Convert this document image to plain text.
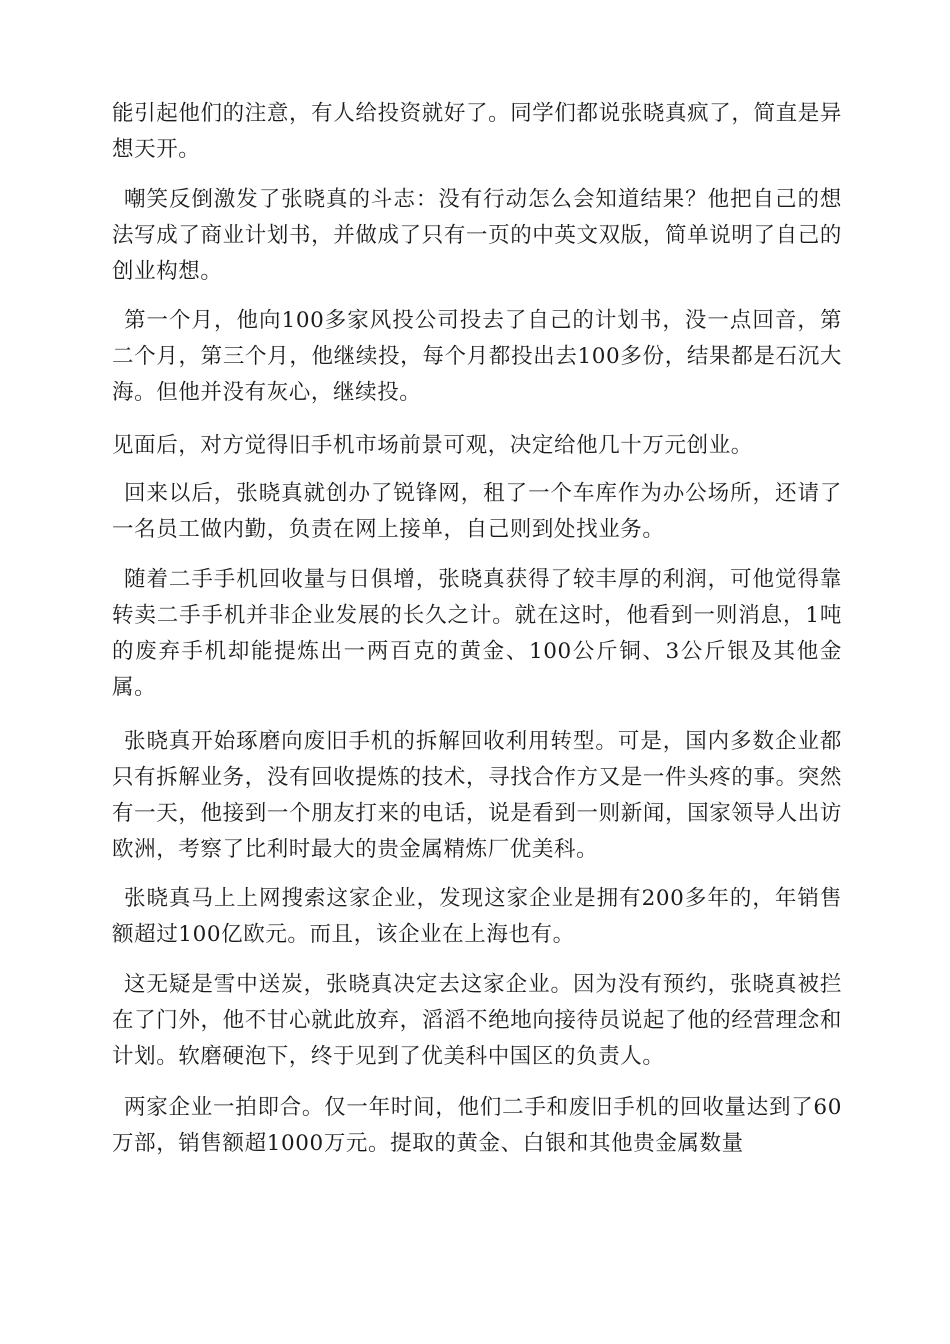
能引起他们的注意，有人给投资就好了。同学们都说张晓真疯了，简直是异想天开。

嘲笑反倒激发了张晓真的斗志：没有行动怎么会知道结果？他把自己的想法写成了商业计划书，并做成了只有一页的中英文双版，简单说明了自己的创业构想。

第一个月，他向100多家风投公司投去了自己的计划书，没一点回音，第二个月，第三个月，他继续投，每个月都投出去100多份，结果都是石沉大海。但他并没有灰心，继续投。

见面后，对方觉得旧手机市场前景可观，决定给他几十万元创业。

回来以后，张晓真就创办了锐锋网，租了一个车库作为办公场所，还请了一名员工做内勤，负责在网上接单，自己则到处找业务。

随着二手手机回收量与日俱增，张晓真获得了较丰厚的利润，可他觉得靠转卖二手手机并非企业发展的长久之计。就在这时，他看到一则消息，1吨的废弃手机却能提炼出一两百克的黄金、100公斤铜、3公斤银及其他金属。

张晓真开始琢磨向废旧手机的拆解回收利用转型。可是，国内多数企业都只有拆解业务，没有回收提炼的技术，寻找合作方又是一件头疼的事。突然有一天，他接到一个朋友打来的电话，说是看到一则新闻，国家领导人出访欧洲，考察了比利时最大的贵金属精炼厂优美科。

张晓真马上上网搜索这家企业，发现这家企业是拥有200多年的，年销售额超过100亿欧元。而且，该企业在上海也有。

这无疑是雪中送炭，张晓真决定去这家企业。因为没有预约，张晓真被拦在了门外，他不甘心就此放弃，滔滔不绝地向接待员说起了他的经营理念和计划。软磨硬泡下，终于见到了优美科中国区的负责人。

两家企业一拍即合。仅一年时间，他们二手和废旧手机的回收量达到了60万部，销售额超1000万元。提取的黄金、白银和其他贵金属数量
